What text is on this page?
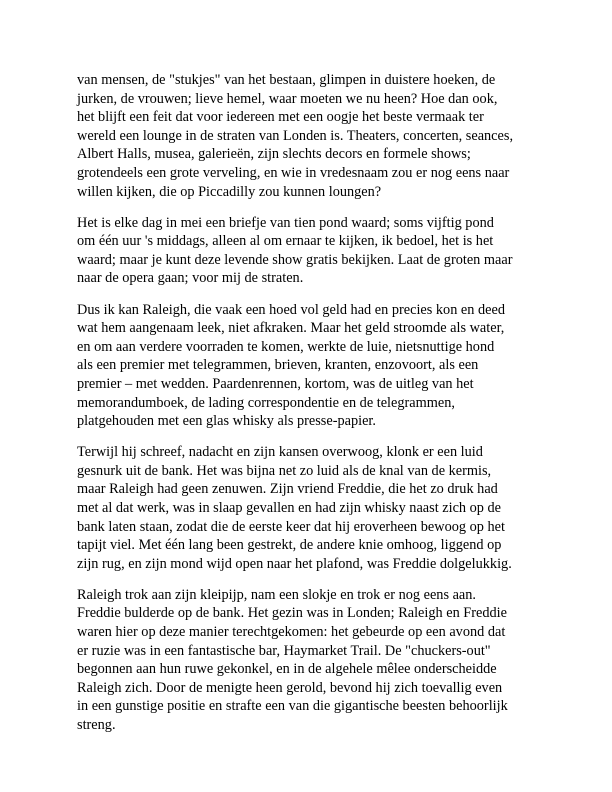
van mensen, de "stukjes" van het bestaan, glimpen in duistere hoeken, de
jurken, de vrouwen; lieve hemel, waar moeten we nu heen? Hoe dan ook,
het blijft een feit dat voor iedereen met een oogje het beste vermaak ter
wereld een lounge in de straten van Londen is. Theaters, concerten, seances,
Albert Halls, musea, galerieën, zijn slechts decors en formele shows;
grotendeels een grote verveling, en wie in vredesnaam zou er nog eens naar
willen kijken, die op Piccadilly zou kunnen loungen?

Het is elke dag in mei een briefje van tien pond waard; soms vijftig pond
om één uur 's middags, alleen al om ernaar te kijken, ik bedoel, het is het
waard; maar je kunt deze levende show gratis bekijken. Laat de groten maar
naar de opera gaan; voor mij de straten.

Dus ik kan Raleigh, die vaak een hoed vol geld had en precies kon en deed
wat hem aangenaam leek, niet afkraken. Maar het geld stroomde als water,
en om aan verdere voorraden te komen, werkte de luie, nietsnuttige hond
als een premier met telegrammen, brieven, kranten, enzovoort, als een
premier – met wedden. Paardenrennen, kortom, was de uitleg van het
memorandumboek, de lading correspondentie en de telegrammen,
platgehouden met een glas whisky als presse-papier.

Terwijl hij schreef, nadacht en zijn kansen overwoog, klonk er een luid
gesnurk uit de bank. Het was bijna net zo luid als de knal van de kermis,
maar Raleigh had geen zenuwen. Zijn vriend Freddie, die het zo druk had
met al dat werk, was in slaap gevallen en had zijn whisky naast zich op de
bank laten staan, zodat die de eerste keer dat hij eroverheen bewoog op het
tapijt viel. Met één lang been gestrekt, de andere knie omhoog, liggend op
zijn rug, en zijn mond wijd open naar het plafond, was Freddie dolgelukkig.

Raleigh trok aan zijn kleipijp, nam een slokje en trok er nog eens aan.
Freddie bulderde op de bank. Het gezin was in Londen; Raleigh en Freddie
waren hier op deze manier terechtgekomen: het gebeurde op een avond dat
er ruzie was in een fantastische bar, Haymarket Trail. De "chuckers-out"
begonnen aan hun ruwe gekonkel, en in de algehele mêlee onderscheidde
Raleigh zich. Door de menigte heen gerold, bevond hij zich toevallig even
in een gunstige positie en strafte een van die gigantische beesten behoorlijk
streng.
